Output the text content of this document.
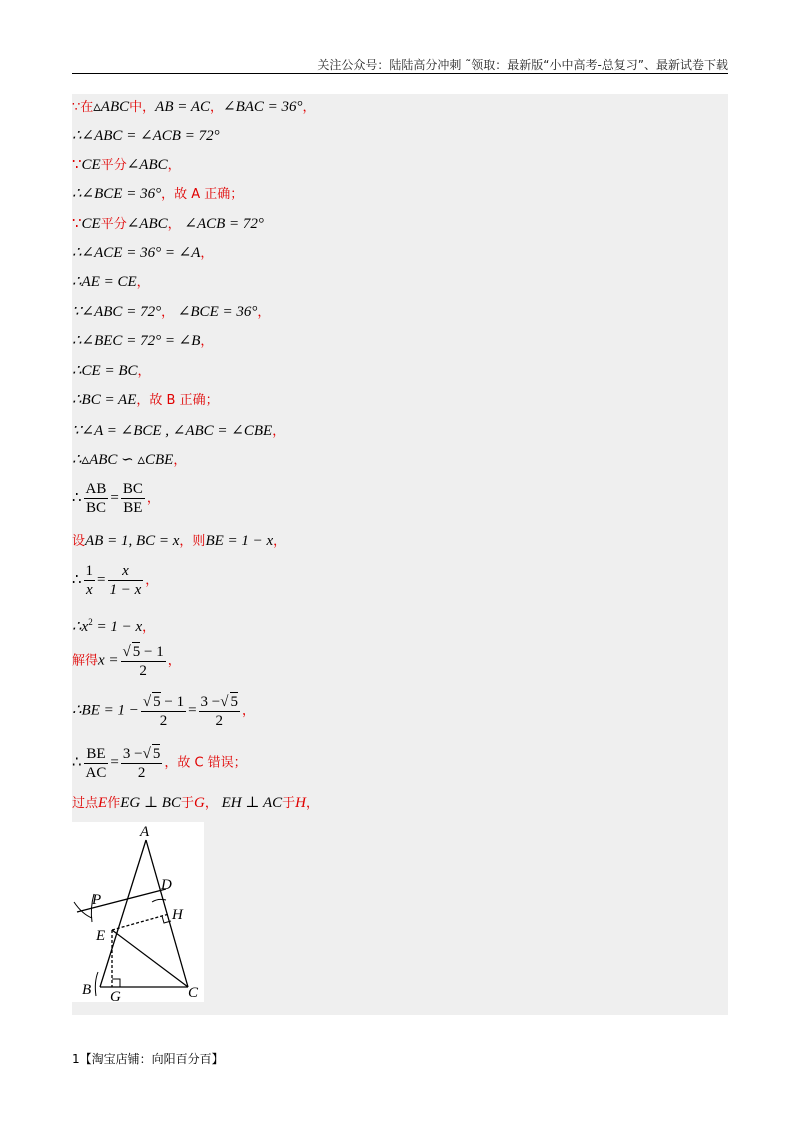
关注公众号：陆陆高分冲刺 ˜领取：最新版“小中高考-总复习”、最新试卷下载
∵在▵ABC中，AB = AC，∠BAC = 36°，
∴∠ABC = ∠ACB = 72°
∵CE平分∠ABC，
∴∠BCE = 36°，故 A 正确；
∵CE平分∠ABC， ∠ACB = 72°
∴∠ACE = 36° = ∠A，
∴AE = CE，
∵∠ABC = 72°， ∠BCE = 36°，
∴∠BEC = 72° = ∠B，
∴CE = BC，
∴BC = AE，故 B 正确；
∵∠A = ∠BCE , ∠ABC = ∠CBE，
∴▵ABC ∽ ▵CBE，
∴ $\frac{AB}{BC} = \frac{BC}{BE}$ ，
设AB = 1, BC = x，则BE = 1 − x，
∴ $\frac{1}{x} = \frac{x}{1 - x}$ ，
$\therefore x^2 = 1 - x$，
解得$x = \frac{√ 5 - 1}{2}$ ，
∴BE = $1 - \frac{√ 5 - 1}{2} = \frac{3 -√ 5}{2}$ ，
∴ $\frac{BE}{AC} = \frac{3 -√ 5}{2}$ ，故 C 错误；
过点E作EG ⊥ BC于G， EH ⊥ AC于H，
A
B	C
D
E
G
H
P
1【淘宝店铺：向阳百分百】
